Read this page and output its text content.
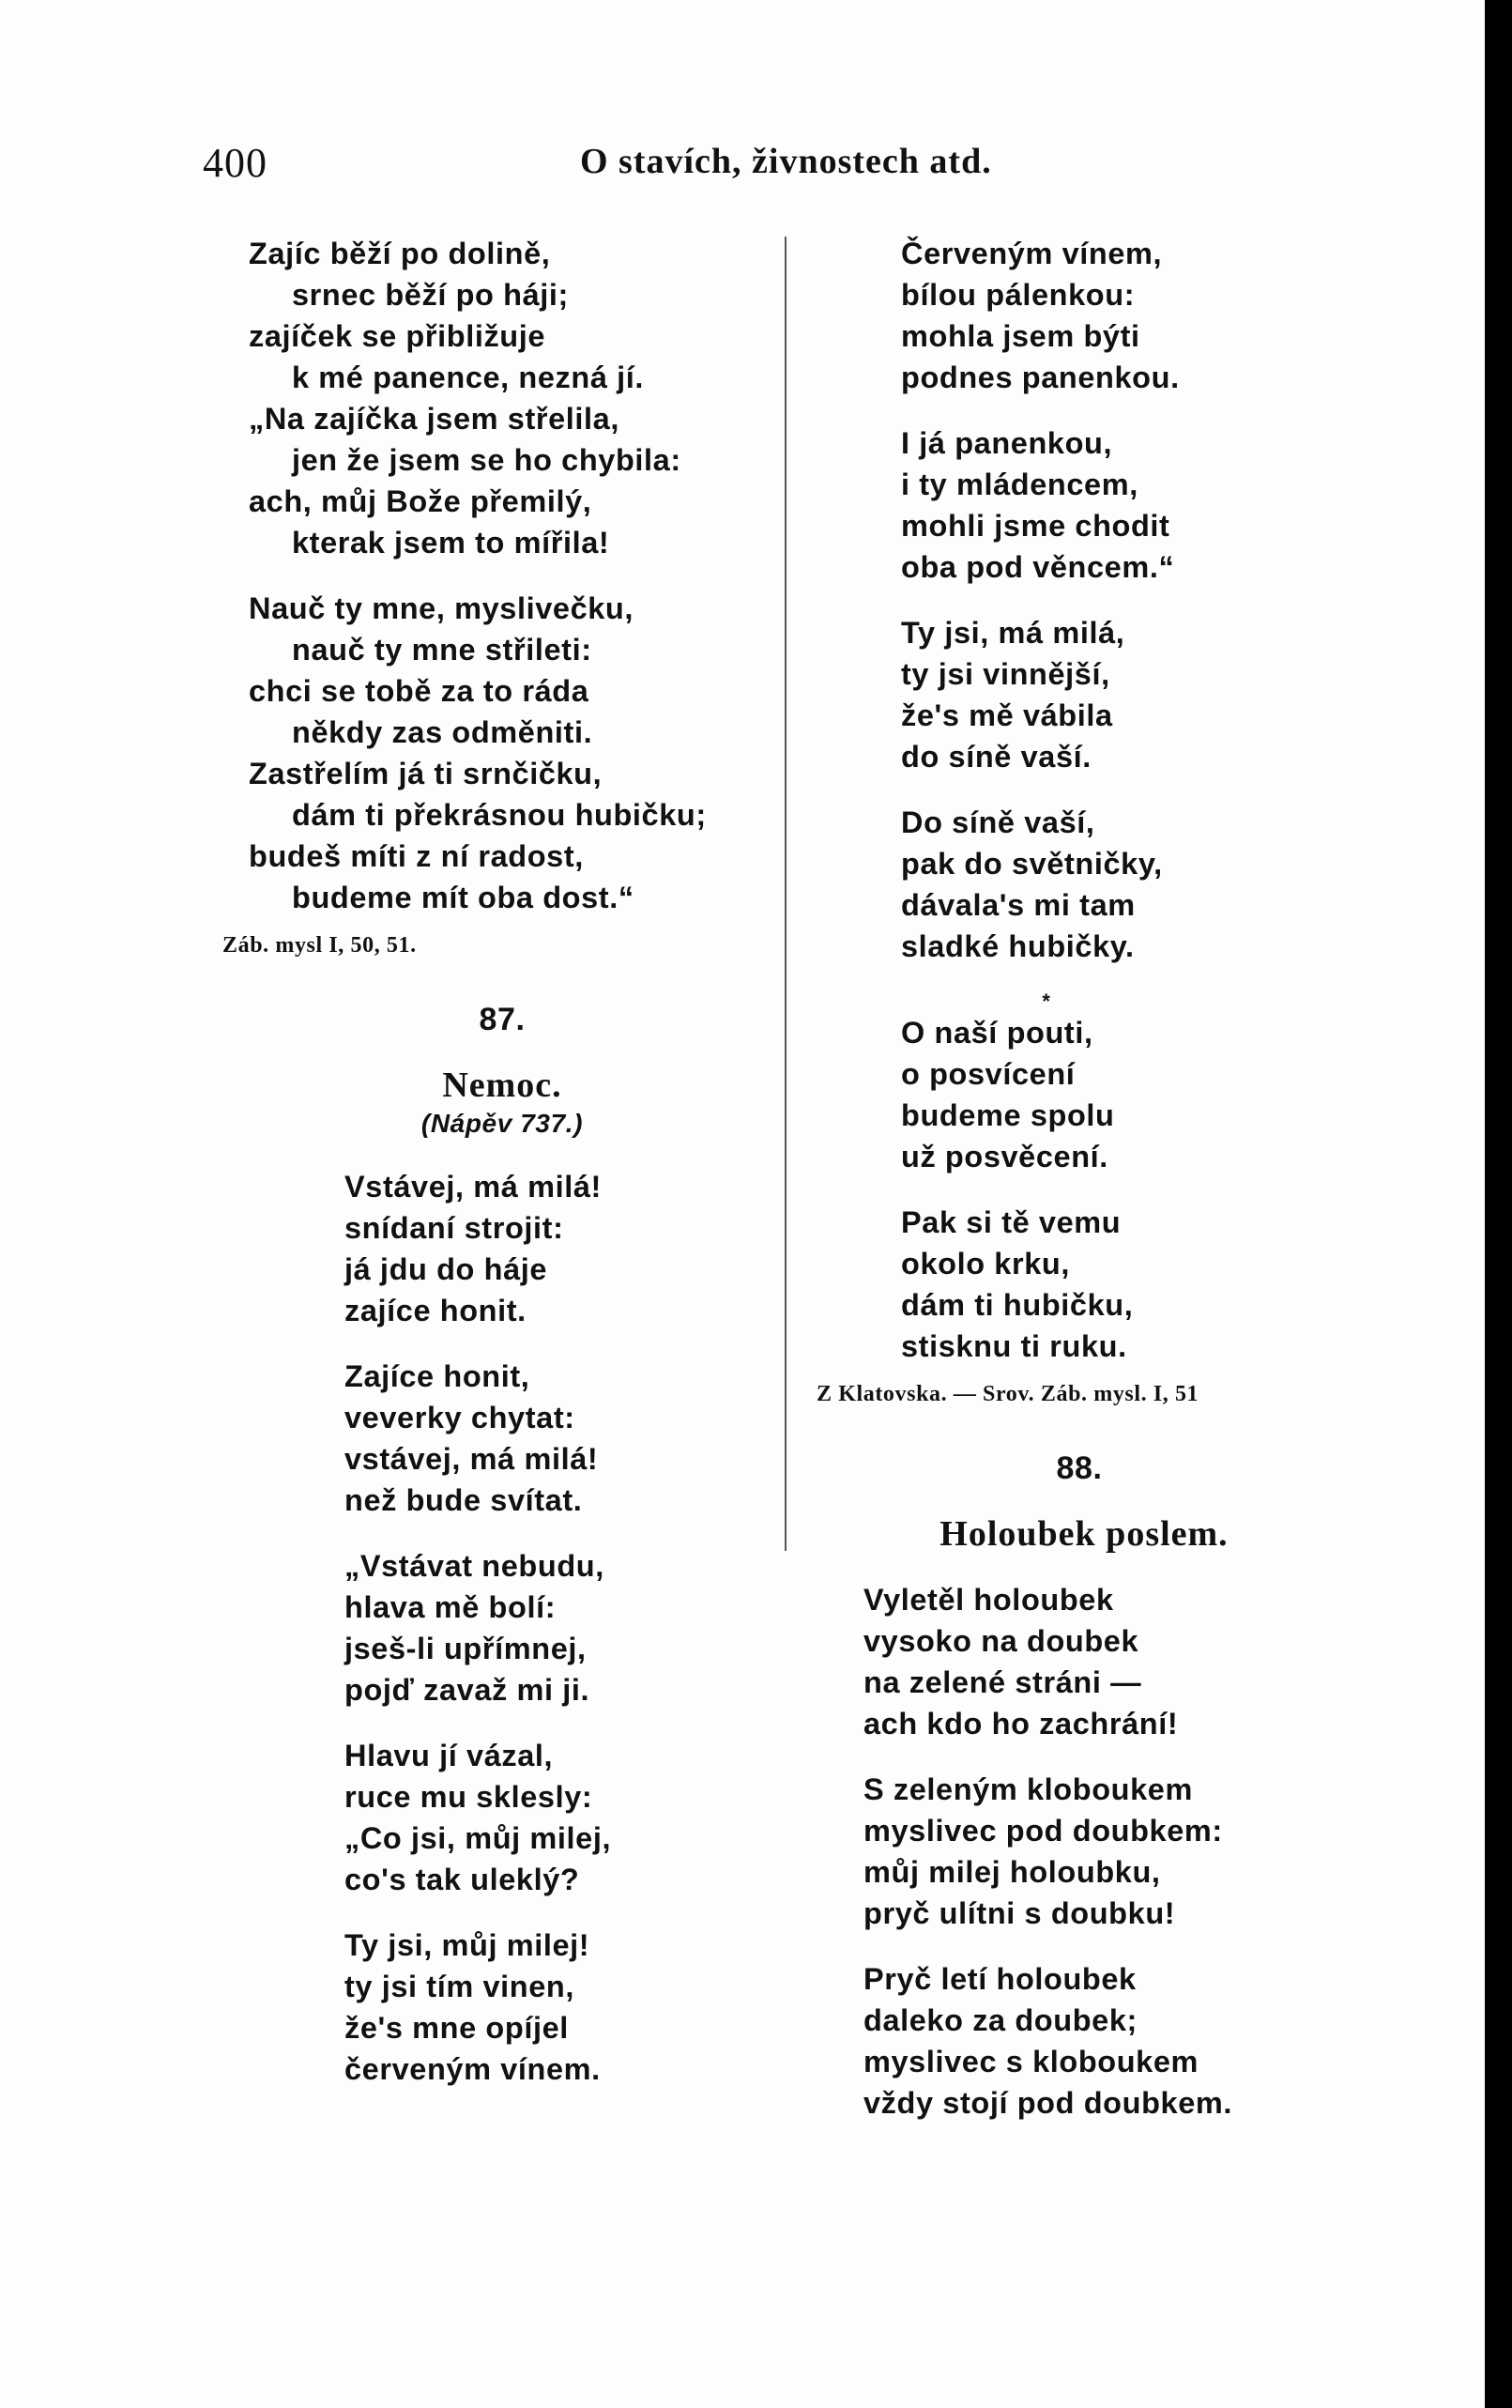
400	O stavích, živnostech atd.
Zajíc běží po dolině,
srnec běží po háji;
zajíček se přibližuje
k mé panence, nezná jí.
„Na zajíčka jsem střelila,
jen že jsem se ho chybila:
ach, můj Bože přemilý,
kterak jsem to mířila!
Nauč ty mne, myslivečku,
nauč ty mne střileti:
chci se tobě za to ráda
někdy zas odměniti.
Zastřelím já ti srnčičku,
dám ti překrásnou hubičku;
budeš míti z ní radost,
budeme mít oba dost.“
Záb. mysl I, 50, 51.
87.
Nemoc.
(Nápěv 737.)
Vstávej, má milá!
snídaní strojit:
já jdu do háje
zajíce honit.
Zajíce honit,
veverky chytat:
vstávej, má milá!
než bude svítat.
„Vstávat nebudu,
hlava mě bolí:
jseš-li upřímnej,
pojď zavaž mi ji.
Hlavu jí vázal,
ruce mu sklesly:
„Co jsi, můj milej,
co's tak uleklý?
Ty jsi, můj milej!
ty jsi tím vinen,
že's mne opíjel
červeným vínem.
Červeným vínem,
bílou pálenkou:
mohla jsem býti
podnes panenkou.
I já panenkou,
i ty mládencem,
mohli jsme chodit
oba pod věncem.“
Ty jsi, má milá,
ty jsi vinnější,
že's mě vábila
do síně vaší.
Do síně vaší,
pak do světničky,
dávala's mi tam
sladké hubičky.
*
O naší pouti,
o posvícení
budeme spolu
už posvěcení.
Pak si tě vemu
okolo krku,
dám ti hubičku,
stisknu ti ruku.
Z Klatovska. — Srov. Záb. mysl. I, 51
88.
Holoubek poslem.
Vyletěl holoubek
vysoko na doubek
na zelené stráni —
ach kdo ho zachrání!
S zeleným kloboukem
myslivec pod doubkem:
můj milej holoubku,
pryč ulítni s doubku!
Pryč letí holoubek
daleko za doubek;
myslivec s kloboukem
vždy stojí pod doubkem.
